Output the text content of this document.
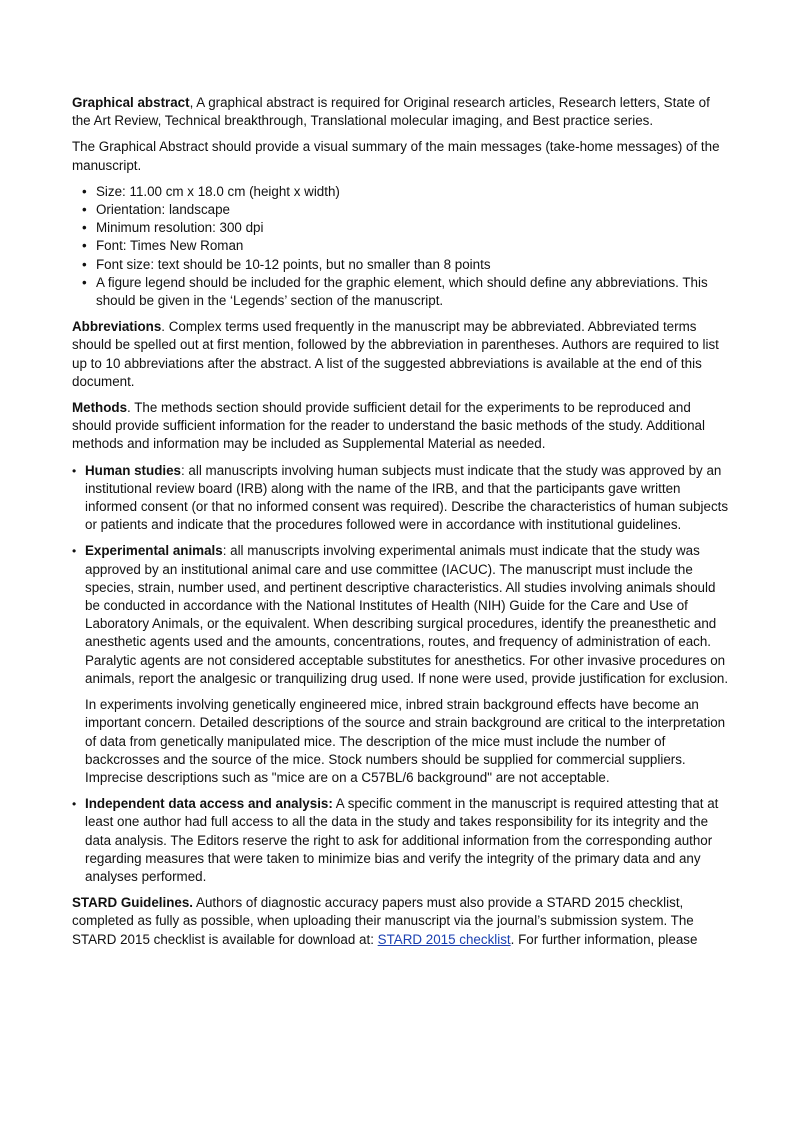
Graphical abstract, A graphical abstract is required for Original research articles, Research letters, State of the Art Review, Technical breakthrough, Translational molecular imaging, and Best practice series.

The Graphical Abstract should provide a visual summary of the main messages (take-home messages) of the manuscript.

• Size: 11.00 cm x 18.0 cm (height x width)
• Orientation: landscape
• Minimum resolution: 300 dpi
• Font: Times New Roman
• Font size: text should be 10-12 points, but no smaller than 8 points
• A figure legend should be included for the graphic element, which should define any abbreviations. This should be given in the ‘Legends’ section of the manuscript.

Abbreviations. Complex terms used frequently in the manuscript may be abbreviated. Abbreviated terms should be spelled out at first mention, followed by the abbreviation in parentheses. Authors are required to list up to 10 abbreviations after the abstract. A list of the suggested abbreviations is available at the end of this document.

Methods. The methods section should provide sufficient detail for the experiments to be reproduced and should provide sufficient information for the reader to understand the basic methods of the study. Additional methods and information may be included as Supplemental Material as needed.

• Human studies: all manuscripts involving human subjects must indicate that the study was approved by an institutional review board (IRB) along with the name of the IRB, and that the participants gave written informed consent (or that no informed consent was required). Describe the characteristics of human subjects or patients and indicate that the procedures followed were in accordance with institutional guidelines.
• Experimental animals: all manuscripts involving experimental animals must indicate that the study was approved by an institutional animal care and use committee (IACUC). The manuscript must include the species, strain, number used, and pertinent descriptive characteristics. All studies involving animals should be conducted in accordance with the National Institutes of Health (NIH) Guide for the Care and Use of Laboratory Animals, or the equivalent. When describing surgical procedures, identify the preanesthetic and anesthetic agents used and the amounts, concentrations, routes, and frequency of administration of each. Paralytic agents are not considered acceptable substitutes for anesthetics. For other invasive procedures on animals, report the analgesic or tranquilizing drug used. If none were used, provide justification for exclusion.

In experiments involving genetically engineered mice, inbred strain background effects have become an important concern. Detailed descriptions of the source and strain background are critical to the interpretation of data from genetically manipulated mice. The description of the mice must include the number of backcrosses and the source of the mice. Stock numbers should be supplied for commercial suppliers. Imprecise descriptions such as "mice are on a C57BL/6 background" are not acceptable.

• Independent data access and analysis: A specific comment in the manuscript is required attesting that at least one author had full access to all the data in the study and takes responsibility for its integrity and the data analysis. The Editors reserve the right to ask for additional information from the corresponding author regarding measures that were taken to minimize bias and verify the integrity of the primary data and any analyses performed.

STARD Guidelines. Authors of diagnostic accuracy papers must also provide a STARD 2015 checklist, completed as fully as possible, when uploading their manuscript via the journal’s submission system. The STARD 2015 checklist is available for download at: STARD 2015 checklist. For further information, please
